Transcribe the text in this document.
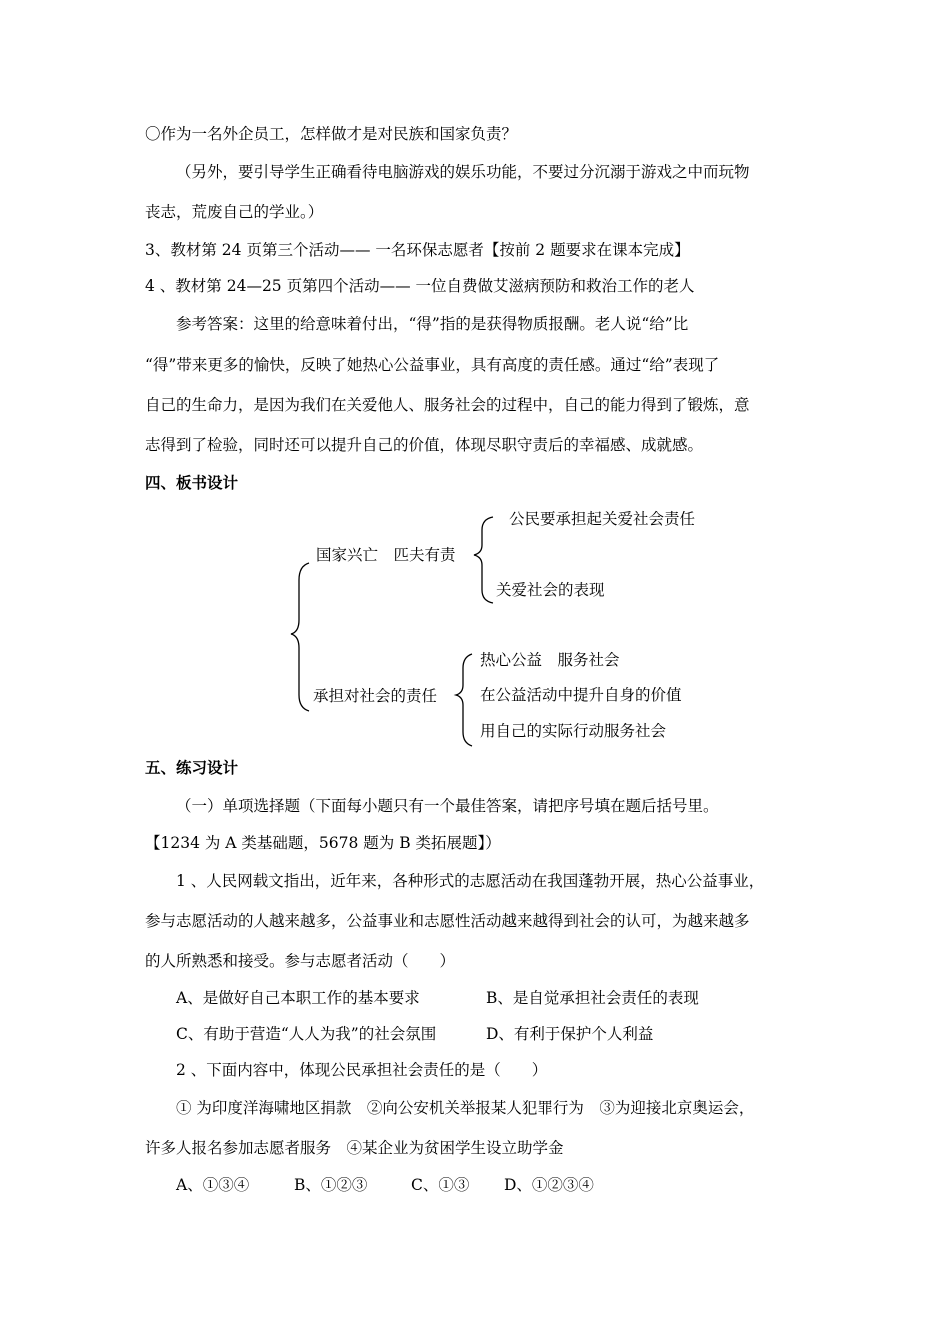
〇作为一名外企员工，怎样做才是对民族和国家负责？
（另外，要引导学生正确看待电脑游戏的娱乐功能，不要过分沉溺于游戏之中而玩物
丧志，荒废自己的学业。）
3、教材第 24 页第三个活动—— 一名环保志愿者【按前 2 题要求在课本完成】
4 、教材第 24—25 页第四个活动—— 一位自费做艾滋病预防和救治工作的老人
参考答案：这里的给意味着付出，“得”指的是获得物质报酬。老人说“给”比
“得”带来更多的愉快，反映了她热心公益事业，具有高度的责任感。通过“给”表现了
自己的生命力，是因为我们在关爱他人、服务社会的过程中，自己的能力得到了锻炼，意
志得到了检验，同时还可以提升自己的价值，体现尽职守责后的幸福感、成就感。
四、板书设计
国家兴亡　匹夫有责
公民要承担起关爱社会责任
关爱社会的表现
承担对社会的责任
热心公益　服务社会
在公益活动中提升自身的价值
用自己的实际行动服务社会
五、练习设计
（一）单项选择题（下面每小题只有一个最佳答案，请把序号填在题后括号里。
【1234 为 A 类基础题，5678 题为 B 类拓展题】）
1 、人民网载文指出，近年来，各种形式的志愿活动在我国蓬勃开展，热心公益事业，
参与志愿活动的人越来越多，公益事业和志愿性活动越来越得到社会的认可，为越来越多
的人所熟悉和接受。参与志愿者活动（　　）
A、是做好自己本职工作的基本要求	B、是自觉承担社会责任的表现
C、有助于营造“人人为我”的社会氛围	D、有利于保护个人利益
2 、下面内容中，体现公民承担社会责任的是（　　）
① 为印度洋海啸地区捐款　②向公安机关举报某人犯罪行为　③为迎接北京奥运会，
许多人报名参加志愿者服务　④某企业为贫困学生设立助学金
A、①③④	B、①②③	C、①③ D、①②③④
